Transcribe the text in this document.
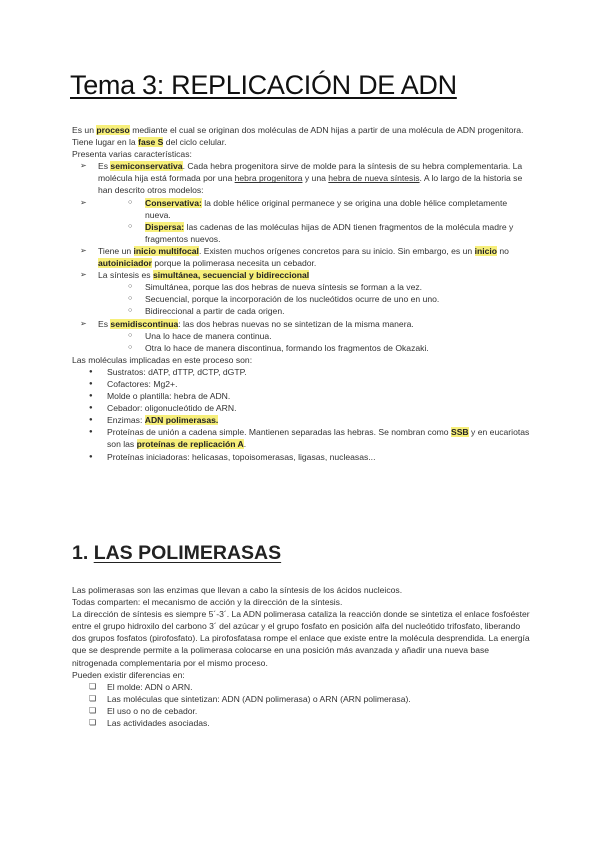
Tema 3: REPLICACIÓN DE ADN

Es un proceso mediante el cual se originan dos moléculas de ADN hijas a partir de una molécula de ADN progenitora.

Tiene lugar en la fase S del ciclo celular.

Presenta varias características:

➢ Es semiconservativa. Cada hebra progenitora sirve de molde para la síntesis de su hebra complementaria. La molécula hija está formada por una hebra progenitora y una hebra de nueva síntesis. A lo largo de la historia se han descrito otros modelos:
○ ➢ Conservativa: la doble hélice original permanece y se origina una doble hélice completamente nueva.
○ Dispersa: las cadenas de las moléculas hijas de ADN tienen fragmentos de la molécula madre y fragmentos nuevos.
➢ Tiene un inicio multifocal. Existen muchos orígenes concretos para su inicio. Sin embargo, es un inicio no autoiniciador porque la polimerasa necesita un cebador.
➢ La síntesis es simultánea, secuencial y bidireccional
○ Simultánea, porque las dos hebras de nueva síntesis se forman a la vez.
○ Secuencial, porque la incorporación de los nucleótidos ocurre de uno en uno.
○ Bidireccional a partir de cada origen.
➢ Es semidiscontinua: las dos hebras nuevas no se sintetizan de la misma manera.
○ Una lo hace de manera continua.
○ Otra lo hace de manera discontinua, formando los fragmentos de Okazaki.

Las moléculas implicadas en este proceso son:

● Sustratos: dATP, dTTP, dCTP, dGTP.
● Cofactores: Mg2+.
● Molde o plantilla: hebra de ADN.
● Cebador: oligonucleótido de ARN.
● Enzimas: ADN polimerasas.
● Proteínas de unión a cadena simple. Mantienen separadas las hebras. Se nombran como SSB y en eucariotas son las proteínas de replicación A.
● Proteínas iniciadoras: helicasas, topoisomerasas, ligasas, nucleasas...
1. LAS POLIMERASAS

Las polimerasas son las enzimas que llevan a cabo la síntesis de los ácidos nucleicos.

Todas comparten: el mecanismo de acción y la dirección de la síntesis.

La dirección de síntesis es siempre 5´-3´. La ADN polimerasa cataliza la reacción donde se sintetiza el enlace fosfoéster entre el grupo hidroxilo del carbono 3´ del azúcar y el grupo fosfato en posición alfa del nucleótido trifosfato, liberando dos grupos fosfatos (pirofosfato). La pirofosfatasa rompe el enlace que existe entre la molécula desprendida. La energía que se desprende permite a la polimerasa colocarse en una posición más avanzada y añadir una nueva base nitrogenada complementaria por el mismo proceso.

Pueden existir diferencias en:

❏ El molde: ADN o ARN.
❏ Las moléculas que sintetizan: ADN (ADN polimerasa) o ARN (ARN polimerasa).
❏ El uso o no de cebador.
❏ Las actividades asociadas.
